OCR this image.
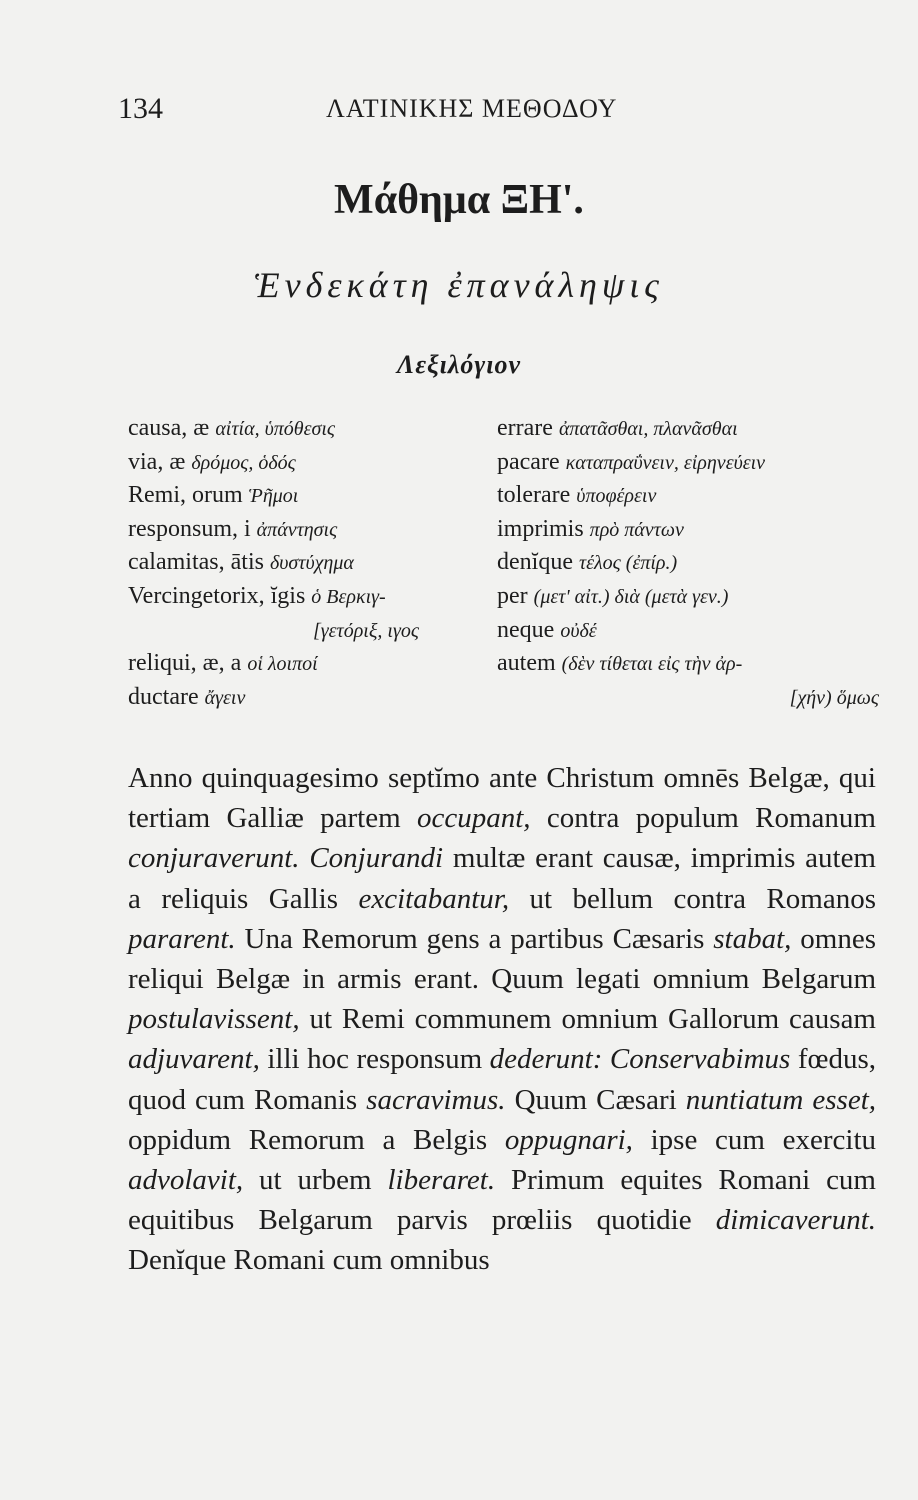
134	ΛΑΤΙΝΙΚΗΣ ΜΕΘΟΔΟΥ
Μάθημα ΞΗ'.
Ἑνδεκάτη ἐπανάληψις
Λεξιλόγιον
causa, æ αἰτία, ὑπόθεσις
via, æ δρόμος, ὁδός
Remi, orum Ῥῆμοι
responsum, i ἀπάντησις
calamitas, ātis δυστύχημα
Vercingetorix, ĭgis ὁ Βερκιγ-
[γετόριξ, ιγος
reliqui, æ, a οἱ λοιποί
ductare ἄγειν
errare ἀπατᾶσθαι, πλανᾶσθαι
pacare καταπραΰνειν, εἰρηνεύειν
tolerare ὑποφέρειν
imprimis πρὸ πάντων
denĭque τέλος (ἐπίρ.)
per (μετ' αἰτ.) διὰ (μετὰ γεν.)
neque οὐδέ
autem (δὲν τίθεται εἰς τὴν ἀρ-
[χήν) ὅμως

Anno quinquagesimo septĭmo ante Christum omnēs Belgæ, qui tertiam Galliæ partem occupant, contra populum Romanum conjuraverunt. Conjurandi multæ erant causæ, imprimis autem a reliquis Gallis excitabantur, ut bellum contra Romanos pararent. Una Remorum gens a partibus Cæsaris stabat, omnes reliqui Belgæ in armis erant. Quum legati omnium Belgarum postulavissent, ut Remi communem omnium Gallorum causam adjuvarent, illi hoc responsum dederunt: Conservabimus fœdus, quod cum Romanis sacravimus. Quum Cæsari nuntiatum esset, oppidum Remorum a Belgis oppugnari, ipse cum exercitu advolavit, ut urbem liberaret. Primum equites Romani cum equitibus Belgarum parvis prœliis quotidie dimicaverunt. Denĭque Romani cum omnibus
